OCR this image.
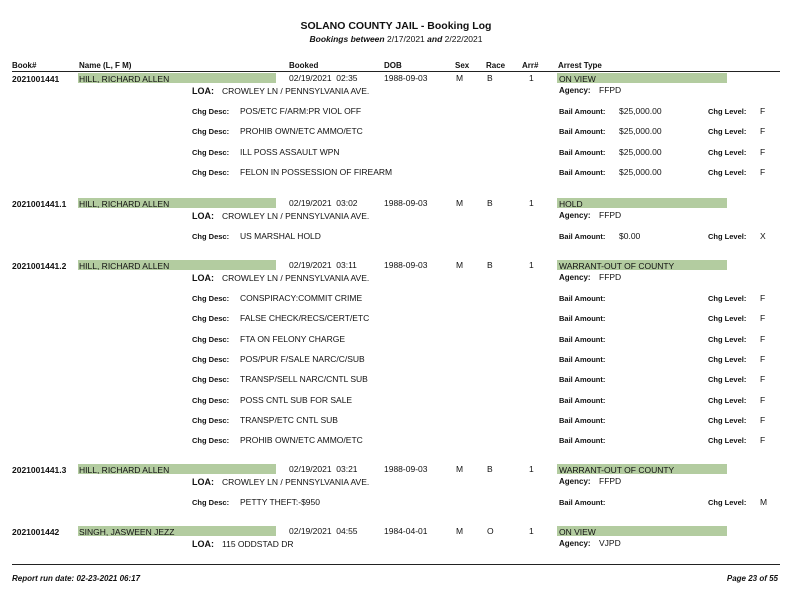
SOLANO COUNTY JAIL - Booking Log
Bookings between 2/17/2021 and 2/22/2021
Book#	Name (L, F M)	Booked	DOB	Sex Race Arr# Arrest Type
2021001441 HILL, RICHARD ALLEN	02/19/2021  02:35	1988-09-03	M	B	1	ON VIEW
LOA: CROWLEY LN / PENNSYLVANIA AVE.	Agency: FFPD
Chg Desc: POS/ETC F/ARM:PR VIOL OFF	Bail Amount: $25,000.00	Chg Level: F
Chg Desc: PROHIB OWN/ETC AMMO/ETC	Bail Amount: $25,000.00	Chg Level: F
Chg Desc: ILL POSS ASSAULT WPN	Bail Amount: $25,000.00	Chg Level: F
Chg Desc: FELON IN POSSESSION OF FIREARM	Bail Amount: $25,000.00	Chg Level: F
2021001441.1 HILL, RICHARD ALLEN	02/19/2021  03:02	1988-09-03	M	B	1	HOLD
LOA: CROWLEY LN / PENNSYLVANIA AVE.	Agency: FFPD
Chg Desc: US MARSHAL HOLD	Bail Amount: $0.00	Chg Level: X
2021001441.2 HILL, RICHARD ALLEN	02/19/2021  03:11	1988-09-03	M	B	1	WARRANT-OUT OF COUNTY
LOA: CROWLEY LN / PENNSYLVANIA AVE.	Agency: FFPD
Chg Desc: CONSPIRACY:COMMIT CRIME	Bail Amount:	Chg Level: F
Chg Desc: FALSE CHECK/RECS/CERT/ETC	Bail Amount:	Chg Level: F
Chg Desc: FTA ON FELONY CHARGE	Bail Amount:	Chg Level: F
Chg Desc: POS/PUR F/SALE NARC/C/SUB	Bail Amount:	Chg Level: F
Chg Desc: TRANSP/SELL NARC/CNTL SUB	Bail Amount:	Chg Level: F
Chg Desc: POSS CNTL SUB FOR SALE	Bail Amount:	Chg Level: F
Chg Desc: TRANSP/ETC CNTL SUB	Bail Amount:	Chg Level: F
Chg Desc: PROHIB OWN/ETC AMMO/ETC	Bail Amount:	Chg Level: F
2021001441.3 HILL, RICHARD ALLEN	02/19/2021  03:21	1988-09-03	M	B	1	WARRANT-OUT OF COUNTY
LOA: CROWLEY LN / PENNSYLVANIA AVE.	Agency: FFPD
Chg Desc: PETTY THEFT:-$950	Bail Amount:	Chg Level: M
2021001442 SINGH, JASWEEN JEZZ	02/19/2021  04:55	1984-04-01	M	O	1	ON VIEW
LOA: 115 ODDSTAD DR	Agency: VJPD
Report run date: 02-23-2021 06:17	Page 23 of 55
